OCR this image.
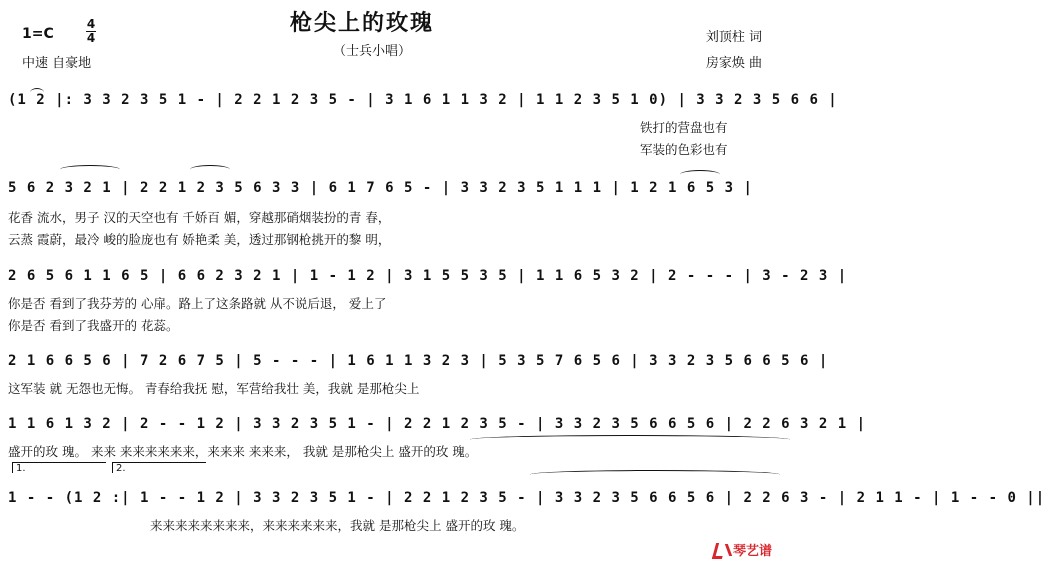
枪尖上的玫瑰
（士兵小唱）
1=C
4
4
中速 自豪地
刘顶柱 词
房家焕 曲
1.	2.
(1 2 |: 3 3 2 3 5 1 - | 2 2 1 2 3 5 - | 3 1 6 1 1 3 2 | 1 1 2 3 5 1 0) | 3 3 2 3 5 6 6 |
铁打的营盘也有
军装的色彩也有
5 6 2 3 2 1 | 2 2 1 2 3 5 6 3 3 | 6 1 7 6 5 - | 3 3 2 3 5 1 1 1 | 1 2 1 6 5 3 |
花香 流水，男子 汉的天空也有 千娇百 媚，穿越那硝烟装扮的青 春，
云蒸 霞蔚，最冷 峻的脸庞也有 娇艳柔 美，透过那钢枪挑开的黎 明，
2 6 5 6 1 1 6 5 | 6 6 2 3 2 1 | 1 - 1 2 | 3 1 5 5 3 5 | 1 1 6 5 3 2 | 2 - - - | 3 - 2 3 |
你是否 看到了我芬芳的 心扉。路上了这条路就 从不说后退， 爱上了
你是否 看到了我盛开的 花蕊。
2 1 6 6 5 6 | 7 2 6 7 5 | 5 - - - | 1 6 1 1 3 2 3 | 5 3 5 7 6 5 6 | 3 3 2 3 5 6 6 5 6 |
这军装 就 无怨也无悔。 青春给我抚 慰，军营给我壮 美，我就 是那枪尖上
1 1 6 1 3 2 | 2 - - 1 2 | 3 3 2 3 5 1 - | 2 2 1 2 3 5 - | 3 3 2 3 5 6 6 5 6 | 2 2 6 3 2 1 |
盛开的玫 瑰。 来来 来来来来来来，来来来 来来来， 我就 是那枪尖上 盛开的玫 瑰。
1 - - (1 2 :| 1 - - 1 2 | 3 3 2 3 5 1 - | 2 2 1 2 3 5 - | 3 3 2 3 5 6 6 5 6 | 2 2 6 3 - | 2 1 1 - | 1 - - 0 ||
来来来来来来来来，来来来来来来，我就 是那枪尖上 盛开的玫 瑰。
琴艺谱
